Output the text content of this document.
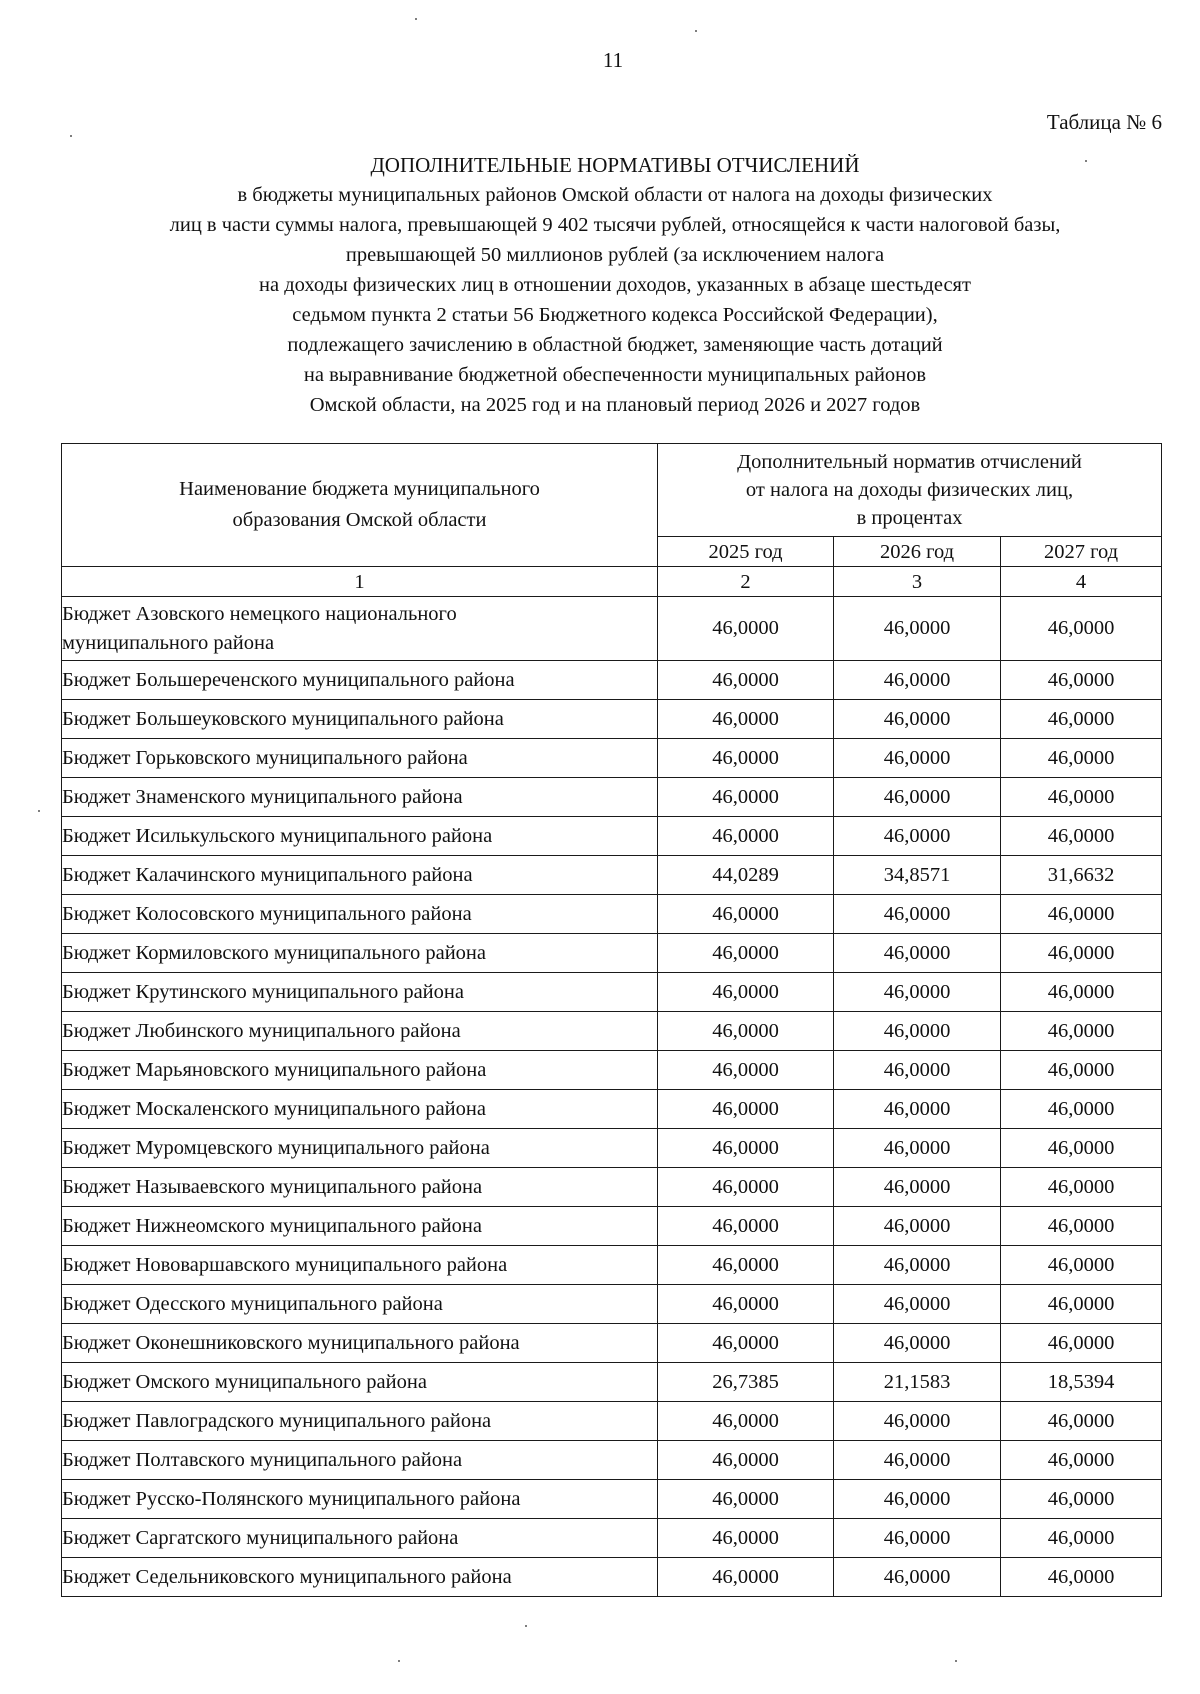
11
Таблица № 6
ДОПОЛНИТЕЛЬНЫЕ НОРМАТИВЫ ОТЧИСЛЕНИЙ
в бюджеты муниципальных районов Омской области от налога на доходы физических
лиц в части суммы налога, превышающей 9 402 тысячи рублей, относящейся к части налоговой базы,
превышающей 50 миллионов рублей (за исключением налога
на доходы физических лиц в отношении доходов, указанных в абзаце шестьдесят
седьмом пункта 2 статьи 56 Бюджетного кодекса Российской Федерации),
подлежащего зачислению в областной бюджет, заменяющие часть дотаций
на выравнивание бюджетной обеспеченности муниципальных районов
Омской области, на 2025 год и на плановый период 2026 и 2027 годов
Наименование бюджета муниципального
образования Омской области

Дополнительный норматив отчислений
от налога на доходы физических лиц,
в процентах

	2025 год	2026 год	2027 год
1	2	3	4

Бюджет Азовского немецкого национального
муниципального района	46,0000	46,0000	46,0000

Бюджет Большереченского муниципального района	46,0000	46,0000	46,0000

Бюджет Большеуковского муниципального района	46,0000	46,0000	46,0000

Бюджет Горьковского муниципального района	46,0000	46,0000	46,0000

Бюджет Знаменского муниципального района	46,0000	46,0000	46,0000

Бюджет Исилькульского муниципального района	46,0000	46,0000	46,0000

Бюджет Калачинского муниципального района	44,0289	34,8571	31,6632

Бюджет Колосовского муниципального района	46,0000	46,0000	46,0000

Бюджет Кормиловского муниципального района	46,0000	46,0000	46,0000

Бюджет Крутинского муниципального района	46,0000	46,0000	46,0000

Бюджет Любинского муниципального района	46,0000	46,0000	46,0000

Бюджет Марьяновского муниципального района	46,0000	46,0000	46,0000

Бюджет Москаленского муниципального района	46,0000	46,0000	46,0000

Бюджет Муромцевского муниципального района	46,0000	46,0000	46,0000

Бюджет Называевского муниципального района	46,0000	46,0000	46,0000

Бюджет Нижнеомского муниципального района	46,0000	46,0000	46,0000

Бюджет Нововаршавского муниципального района	46,0000	46,0000	46,0000

Бюджет Одесского муниципального района	46,0000	46,0000	46,0000

Бюджет Оконешниковского муниципального района	46,0000	46,0000	46,0000

Бюджет Омского муниципального района	26,7385	21,1583	18,5394

Бюджет Павлоградского муниципального района	46,0000	46,0000	46,0000

Бюджет Полтавского муниципального района	46,0000	46,0000	46,0000

Бюджет Русско-Полянского муниципального района	46,0000	46,0000	46,0000

Бюджет Саргатского муниципального района	46,0000	46,0000	46,0000

Бюджет Седельниковского муниципального района	46,0000	46,0000	46,0000
